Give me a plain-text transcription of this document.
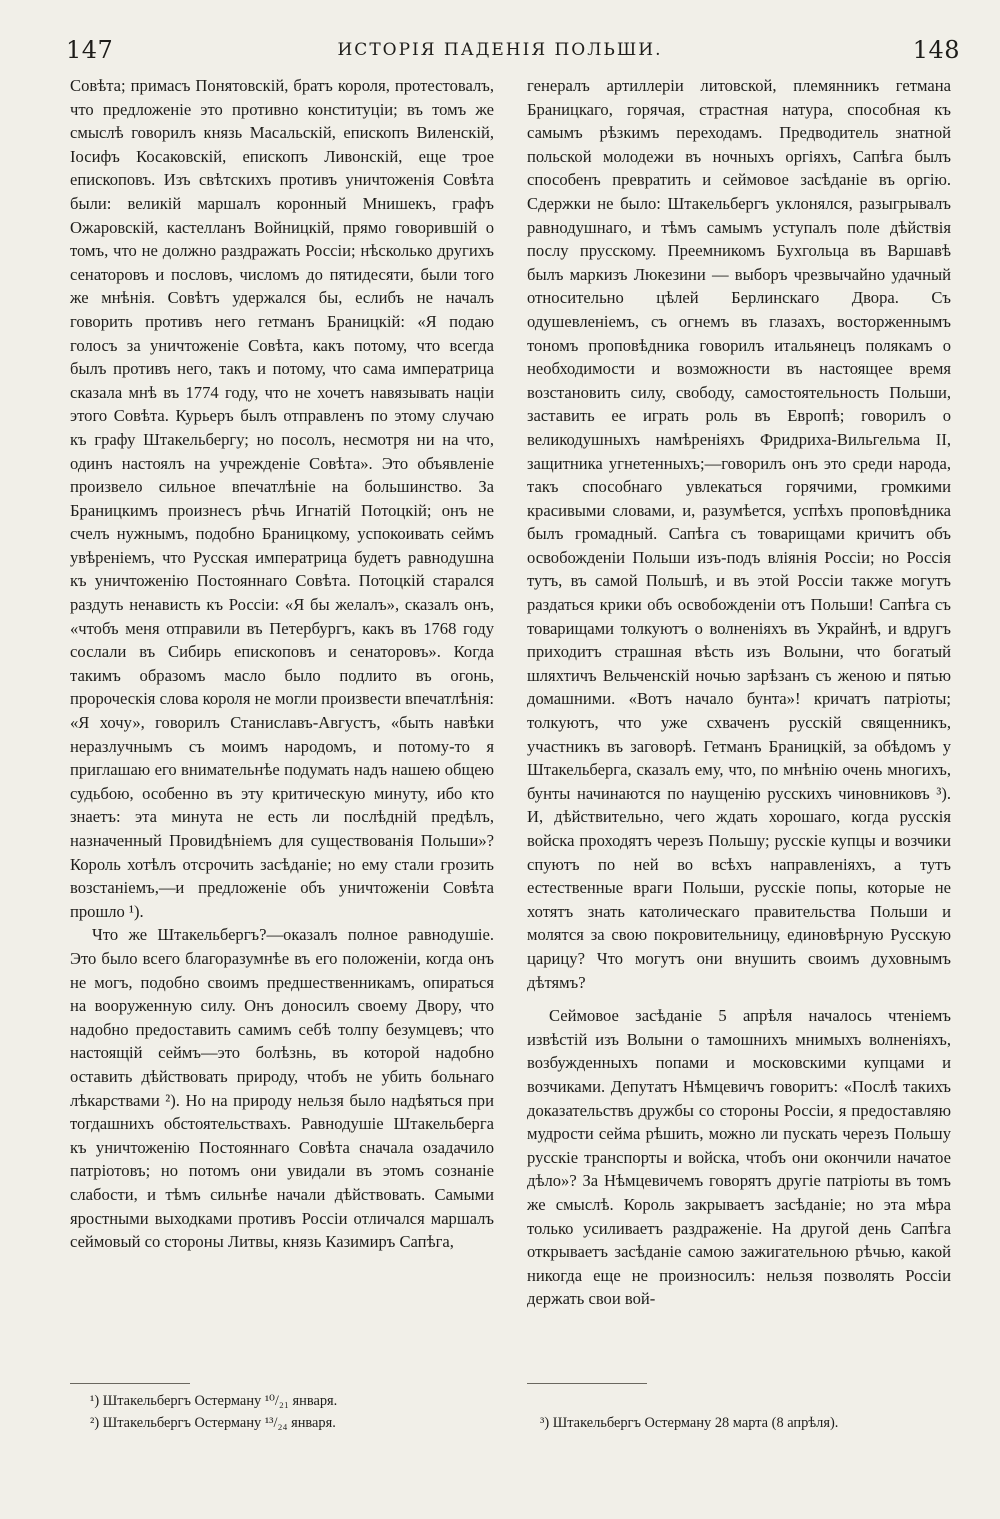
147	ИСТОРІЯ ПАДЕНІЯ ПОЛЬШИ.	148

Совѣта; примасъ Понятовскій, братъ короля, протестовалъ, что предложеніе это противно конституціи; въ томъ же смыслѣ говорилъ князь Масальскій, епископъ Виленскій, Іосифъ Косаковскій, епископъ Ливонскій, еще трое епископовъ. Изъ свѣтскихъ противъ уничтоженія Совѣта были: великій маршалъ коронный Мнишекъ, графъ Ожаровскій, кастелланъ Войницкій, прямо говорившій о томъ, что не должно раздражать Россіи; нѣсколько другихъ сенаторовъ и пословъ, числомъ до пятидесяти, были того же мнѣнія. Совѣтъ удержался бы, еслибъ не началъ говорить противъ него гетманъ Браницкій: «Я подаю голосъ за уничтоженіе Совѣта, какъ потому, что всегда былъ противъ него, такъ и потому, что сама императрица сказала мнѣ въ 1774 году, что не хочетъ навязывать націи этого Совѣта. Курьеръ былъ отправленъ по этому случаю къ графу Штакельбергу; но посолъ, несмотря ни на что, одинъ настоялъ на учрежденіе Совѣта». Это объявленіе произвело сильное впечатлѣніе на большинство. За Браницкимъ произнесъ рѣчь Игнатій Потоцкій; онъ не счелъ нужнымъ, подобно Браницкому, успокоивать сеймъ увѣреніемъ, что Русская императрица будетъ равнодушна къ уничтоженію Постояннаго Совѣта. Потоцкій старался раздуть ненависть къ Россіи: «Я бы желалъ», сказалъ онъ, «чтобъ меня отправили въ Петербургъ, какъ въ 1768 году сослали въ Сибирь епископовъ и сенаторовъ». Когда такимъ образомъ масло было подлито въ огонь, пророческія слова короля не могли произвести впечатлѣнія: «Я хочу», говорилъ Станиславъ-Августъ, «быть навѣки неразлучнымъ съ моимъ народомъ, и потому-то я приглашаю его внимательнѣе подумать надъ нашею общею судьбою, особенно въ эту критическую минуту, ибо кто знаетъ: эта минута не есть ли послѣдній предѣлъ, назначенный Провидѣніемъ для существованія Польши»? Король хотѣлъ отсрочить засѣданіе; но ему стали грозить возстаніемъ,—и предложеніе объ уничтоженіи Совѣта прошло ¹).

Что же Штакельбергъ?—оказалъ полное равнодушіе. Это было всего благоразумнѣе въ его положеніи, когда онъ не могъ, подобно своимъ предшественникамъ, опираться на вооруженную силу. Онъ доносилъ своему Двору, что надобно предоставить самимъ себѣ толпу безумцевъ; что настоящій сеймъ—это болѣзнь, въ которой надобно оставить дѣйствовать природу, чтобъ не убить больнаго лѣкарствами ²). Но на природу нельзя было надѣяться при тогдашнихъ обстоятельствахъ. Равнодушіе Штакельберга къ уничтоженію Постояннаго Совѣта сначала озадачило патріотовъ; но потомъ они увидали въ этомъ сознаніе слабости, и тѣмъ сильнѣе начали дѣйствовать. Самыми яростными выходками противъ Россіи отличался маршалъ сеймовый со стороны Литвы, князь Казимиръ Сапѣга,

генералъ артиллеріи литовской, племянникъ гетмана Браницкаго, горячая, страстная натура, способная къ самымъ рѣзкимъ переходамъ. Предводитель знатной польской молодежи въ ночныхъ оргіяхъ, Сапѣга былъ способенъ превратить и сеймовое засѣданіе въ оргію. Сдержки не было: Штакельбергъ уклонялся, разыгрывалъ равнодушнаго, и тѣмъ самымъ уступалъ поле дѣйствія послу прусскому. Преемникомъ Бухгольца въ Варшавѣ былъ маркизъ Люкезини — выборъ чрезвычайно удачный относительно цѣлей Берлинскаго Двора. Съ одушевленіемъ, съ огнемъ въ глазахъ, восторженнымъ тономъ проповѣдника говорилъ итальянецъ полякамъ о необходимости и возможности въ настоящее время возстановить силу, свободу, самостоятельность Польши, заставить ее играть роль въ Европѣ; говорилъ о великодушныхъ намѣреніяхъ Фридриха-Вильгельма II, защитника угнетенныхъ;—говорилъ онъ это среди народа, такъ способнаго увлекаться горячими, громкими красивыми словами, и, разумѣется, успѣхъ проповѣдника былъ громадный. Сапѣга съ товарищами кричитъ объ освобожденіи Польши изъ-подъ вліянія Россіи; но Россія тутъ, въ самой Польшѣ, и въ этой Россіи также могутъ раздаться крики объ освобожденіи отъ Польши! Сапѣга съ товарищами толкуютъ о волненіяхъ въ Украйнѣ, и вдругъ приходитъ страшная вѣсть изъ Волыни, что богатый шляхтичъ Вельченскій ночью зарѣзанъ съ женою и пятью домашними. «Вотъ начало бунта»! кричатъ патріоты; толкуютъ, что уже схваченъ русскій священникъ, участникъ въ заговорѣ. Гетманъ Браницкій, за обѣдомъ у Штакельберга, сказалъ ему, что, по мнѣнію очень многихъ, бунты начинаются по наущенію русскихъ чиновниковъ ³). И, дѣйствительно, чего ждать хорошаго, когда русскія войска проходятъ черезъ Польшу; русскіе купцы и возчики спуютъ по ней во всѣхъ направленіяхъ, а тутъ естественные враги Польши, русскіе попы, которые не хотятъ знать католическаго правительства Польши и молятся за свою покровительницу, единовѣрную Русскую царицу? Что могутъ они внушить своимъ духовнымъ дѣтямъ?

Сеймовое засѣданіе 5 апрѣля началось чтеніемъ извѣстій изъ Волыни о тамошнихъ мнимыхъ волненіяхъ, возбужденныхъ попами и московскими купцами и возчиками. Депутатъ Нѣмцевичъ говоритъ: «Послѣ такихъ доказательствъ дружбы со стороны Россіи, я предоставляю мудрости сейма рѣшить, можно ли пускать черезъ Польшу русскіе транспорты и войска, чтобъ они окончили начатое дѣло»? За Нѣмцевичемъ говорятъ другіе патріоты въ томъ же смыслѣ. Король закрываетъ засѣданіе; но эта мѣра только усиливаетъ раздраженіе. На другой день Сапѣга открываетъ засѣданіе самою зажигательною рѣчью, какой никогда еще не произносилъ: нельзя позволять Россіи держать свои вой-

¹) Штакельбергъ Остерману ¹⁰/₂₁ января.
²) Штакельбергъ Остерману ¹³/₂₄ января.	³) Штакельбергъ Остерману 28 марта (8 апрѣля).
